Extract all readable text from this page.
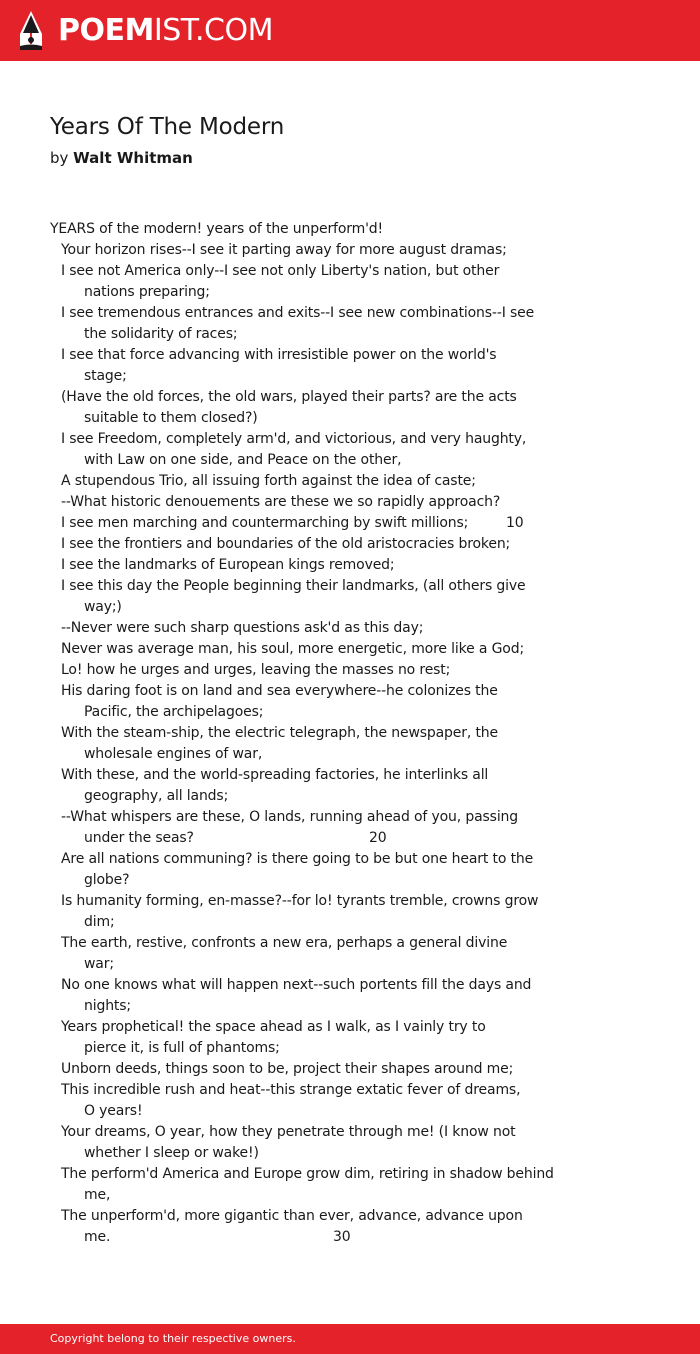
POEMIST.COM
Years Of The Modern
by Walt Whitman
YEARS of the modern! years of the unperform'd!
Your horizon rises--I see it parting away for more august dramas;
I see not America only--I see not only Liberty's nation, but other
nations preparing;
I see tremendous entrances and exits--I see new combinations--I see
the solidarity of races;
I see that force advancing with irresistible power on the world's
stage;
(Have the old forces, the old wars, played their parts? are the acts
suitable to them closed?)
I see Freedom, completely arm'd, and victorious, and very haughty,
with Law on one side, and Peace on the other,
A stupendous Trio, all issuing forth against the idea of caste;
--What historic denouements are these we so rapidly approach?
I see men marching and countermarching by swift millions;	10
I see the frontiers and boundaries of the old aristocracies broken;
I see the landmarks of European kings removed;
I see this day the People beginning their landmarks, (all others give
way;)
--Never were such sharp questions ask'd as this day;
Never was average man, his soul, more energetic, more like a God;
Lo! how he urges and urges, leaving the masses no rest;
His daring foot is on land and sea everywhere--he colonizes the
Pacific, the archipelagoes;
With the steam-ship, the electric telegraph, the newspaper, the
wholesale engines of war,
With these, and the world-spreading factories, he interlinks all
geography, all lands;
--What whispers are these, O lands, running ahead of you, passing
under the seas?	20
Are all nations communing? is there going to be but one heart to the
globe?
Is humanity forming, en-masse?--for lo! tyrants tremble, crowns grow
dim;
The earth, restive, confronts a new era, perhaps a general divine
war;
No one knows what will happen next--such portents fill the days and
nights;
Years prophetical! the space ahead as I walk, as I vainly try to
pierce it, is full of phantoms;
Unborn deeds, things soon to be, project their shapes around me;
This incredible rush and heat--this strange extatic fever of dreams,
O years!
Your dreams, O year, how they penetrate through me! (I know not
whether I sleep or wake!)
The perform'd America and Europe grow dim, retiring in shadow behind
me,
The unperform'd, more gigantic than ever, advance, advance upon
me.	30
Copyright belong to their respective owners.
